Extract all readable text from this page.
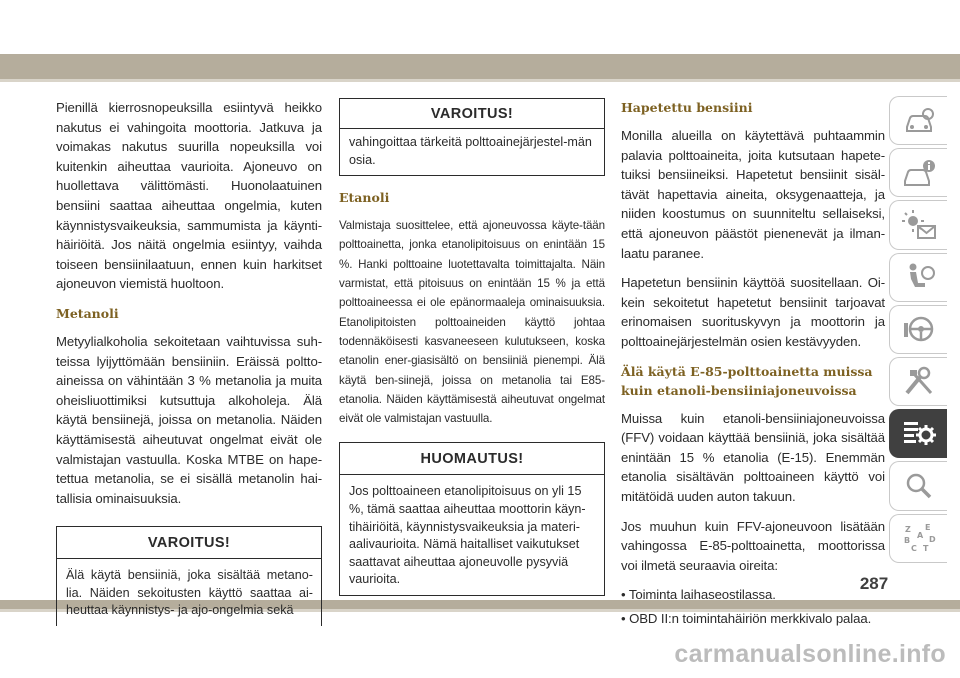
Pienillä kierrosnopeuksilla esiintyvä heikko nakutus ei vahingoita moottoria. Jatkuva ja voimakas nakutus suurilla nopeuksilla voi kuitenkin aiheuttaa vaurioita. Ajoneuvo on huollettava välittömästi. Huonolaatuinen bensiini saattaa aiheuttaa ongelmia, kuten käynnistysvaikeuksia, sammumista ja käynti-häiriöitä. Jos näitä ongelmia esiintyy, vaihda toiseen bensiinilaatuun, ennen kuin harkitset ajoneuvon viemistä huoltoon.

Metanoli

Metyylialkoholia sekoitetaan vaihtuvissa suh-teissa lyijyttömään bensiiniin. Eräissä poltto-aineissa on vähintään 3 % metanolia ja muita oheisliuottimiksi kutsuttuja alkoholeja. Älä käytä bensiinejä, joissa on metanolia. Näiden käyttämisestä aiheutuvat ongelmat eivät ole valmistajan vastuulla. Koska MTBE on hape-tettua metanolia, se ei sisällä metanolin hai-tallisia ominaisuuksia.

VAROITUS!
Älä käytä bensiiniä, joka sisältää metano-lia. Näiden sekoitusten käyttö saattaa ai-heuttaa käynnistys- ja ajo-ongelmia sekä
VAROITUS!
vahingoittaa tärkeitä polttoainejärjestel-män osia.
Etanoli

Valmistaja suosittelee, että ajoneuvossa käyte-tään polttoainetta, jonka etanolipitoisuus on enintään 15 %. Hanki polttoaine luotettavalta toimittajalta. Näin varmistat, että pitoisuus on enintään 15 % ja että polttoaineessa ei ole epänormaaleja ominaisuuksia. Etanolipitoisten polttoaineiden käyttö johtaa todennäköisesti kasvaneeseen kulutukseen, koska etanolin ener-giasisältö on bensiiniä pienempi. Älä käytä ben-siinejä, joissa on metanolia tai E85-etanolia. Näiden käyttämisestä aiheutuvat ongelmat eivät ole valmistajan vastuulla.

HUOMAUTUS!
Jos polttoaineen etanolipitoisuus on yli 15 %, tämä saattaa aiheuttaa moottorin käyn-tihäiriöitä, käynnistysvaikeuksia ja materi-aalivaurioita. Nämä haitalliset vaikutukset saattavat aiheuttaa ajoneuvolle pysyviä vaurioita.
Hapetettu bensiini

Monilla alueilla on käytettävä puhtaammin palavia polttoaineita, joita kutsutaan hapete-tuiksi bensiineiksi. Hapetetut bensiinit sisäl-tävät hapettavia aineita, oksygenaatteja, ja niiden koostumus on suunniteltu sellaiseksi, että ajoneuvon päästöt pienenevät ja ilman-laatu paranee.

Hapetetun bensiinin käyttöä suositellaan. Oi-kein sekoitetut hapetetut bensiinit tarjoavat erinomaisen suorituskyvyn ja moottorin ja polttoainejärjestelmän osien kestävyyden.

Älä käytä E-85-polttoainetta muissa kuin etanoli-bensiiniajoneuvoissa

Muissa kuin etanoli-bensiiniajoneuvoissa (FFV) voidaan käyttää bensiiniä, joka sisältää enintään 15 % etanolia (E-15). Enemmän etanolia sisältävän polttoaineen käyttö voi mitätöidä uuden auton takuun.

Jos muuhun kuin FFV-ajoneuvoon lisätään vahingossa E-85-polttoainetta, moottorissa voi ilmetä seuraavia oireita:

• Toiminta laihaseostilassa.

• OBD II:n toimintahäiriön merkkivalo palaa.

Z E
A
B D
C T
287
carmanualsonline.info
